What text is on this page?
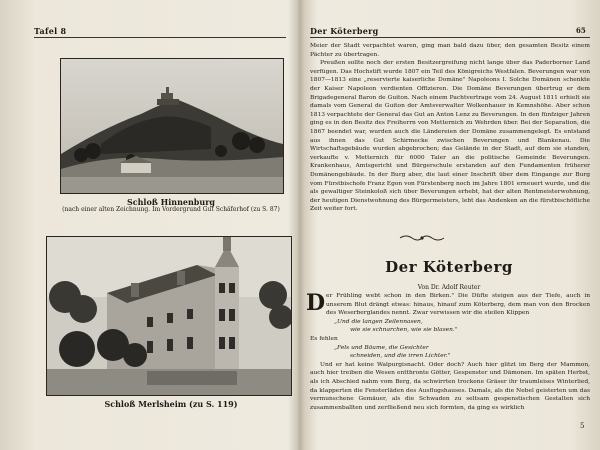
Tafel 8
Schloß Hinnenburg
(nach einer alten Zeichnung. Im Vordergrund Gut Schäferhof (zu S. 87)
Schloß Merlsheim (zu S. 119)
Der Köterberg	65

Meier der Stadt verpachtet waren, ging man bald dazu über, den gesamten Besitz einem Pächter zu übertragen.

Preußen sollte noch der ersten Besitzergreifung nicht lange über das Paderborner Land verfügen. Das Hochstift wurde 1807 ein Teil des Königreichs Westfalen. Beverungen war von 1807—1813 eine „reservierte kaiserliche Domäne" Napoleons I. Solche Domänen schenkte der Kaiser Napoleon verdienten Offizieren. Die Domäne Beverungen übertrug er dem Brigadegeneral Baron de Guiton. Nach einem Pachtvertrage vom 24. August 1811 erhielt sie damals vom General de Guiton der Amtsverwalter Wolkenhauer in Kemnshöhe. Aber schon 1813 verpachtete der General das Gut an Anton Lenz zu Beverungen. In den fünfziger Jahren ging es in den Besitz des Freiherrn von Metternich zu Wehrden über. Bei der Separation, die 1867 beendet war, wurden auch die Ländereien der Domäne zusammengelegt. Es entstand aus ihnen das Gut Schirmecke zwischen Beverungen und Blankenau. Die Wirtschaftsgebäude wurden abgebrochen; das Gelände in der Stadt, auf dem sie standen, verkaufte v. Metternich für 6000 Taler an die politische Gemeinde Beverungen. Krankenhaus, Amtsgericht und Bürgerschule erstanden auf den Fundamenten früherer Domänengebäude. In der Burg aber, die laut einer Inschrift über dem Eingange zur Burg vom Fürstbischofe Franz Egon von Fürstenberg noch im Jahre 1801 erneuert wurde, und die als gewaltiger Steinkoloß sich über Beverungen erhebt, hat der alten Rentmeisterwohnung, der heutigen Dienstwohnung des Bürgermeisters, lebt das Andenken an die fürstbischöfliche Zeit weiter fort.

Der Köterberg
Von Dr. Adolf Reuter
D er Frühling webt schon in den Birken." Die Düfte steigen aus der Tiefe, auch in unserem Blut drängt etwas: hinaus, hinauf zum Köterberg, dem man von den Brocken des Weserberglandes nennt. Zwar verwissen wir die steilen Klippen

„Und die langen Zeilennasen,

wie sie schnarchen, wie sie blasen."

Es fehlen

„Fels und Bäume, die Gesichter

schneiden, und die irren Lichter."

Und er hat keine Walpurgisnacht. Oder doch? Auch hier glitzt im Berg der Mammon, auch hier treiben die Wesen entthronte Götter, Gespenster und Dämonen. Im späten Herbst, als ich Abschied nahm vom Berg, da schwirrten trockene Gräser ihr traumleises Winterlied, da klapperten die Fensterläden des Ausflugshauses. Damals, als die Nebel geisterten um das vermunschene Gemäuer, als die Schwaden zu seltsam gespenstischen Gestalten sich zusammenballten und zerfließend neu sich formten, da ging es wirklich

5
